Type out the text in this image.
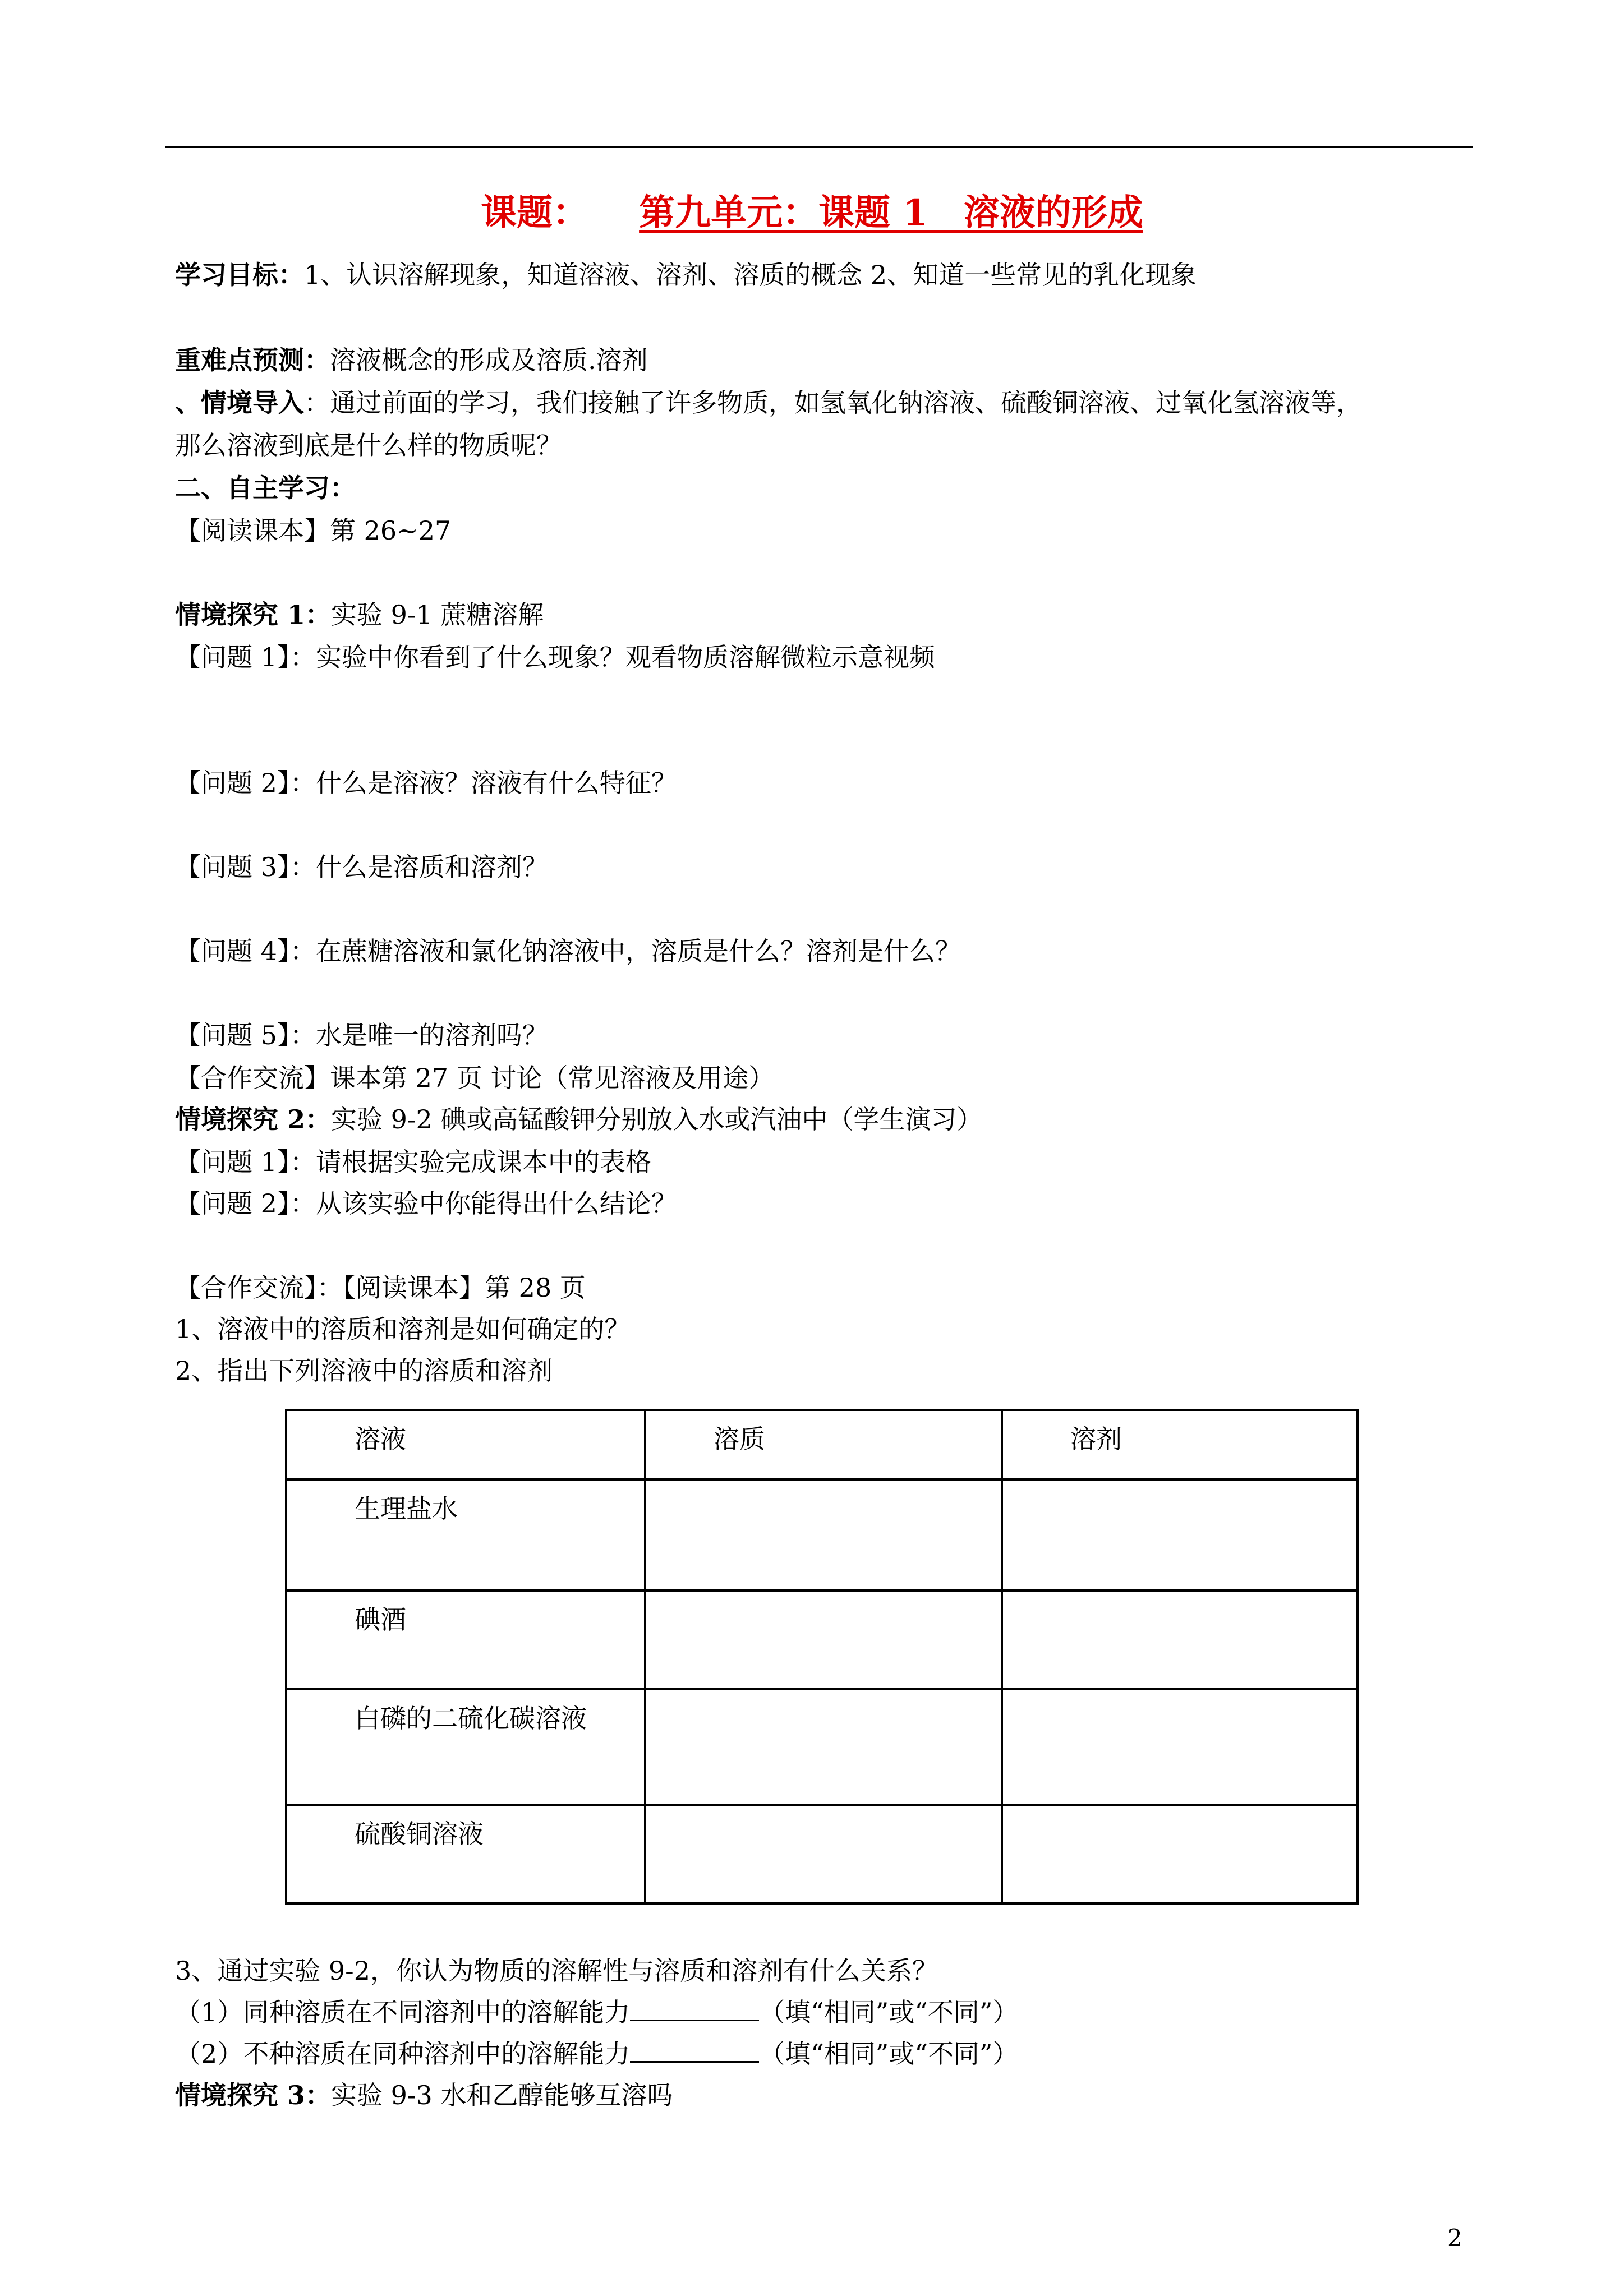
课题： 第九单元：课题 1　溶液的形成
学习目标：1、认识溶解现象，知道溶液、溶剂、溶质的概念 2、知道一些常见的乳化现象
重难点预测：溶液概念的形成及溶质.溶剂
、情境导入：通过前面的学习，我们接触了许多物质，如氢氧化钠溶液、硫酸铜溶液、过氧化氢溶液等，
那么溶液到底是什么样的物质呢？
二、自主学习：
【阅读课本】第 26~27
情境探究 1：实验 9-1 蔗糖溶解
【问题 1】：实验中你看到了什么现象？观看物质溶解微粒示意视频
【问题 2】：什么是溶液？溶液有什么特征？
【问题 3】：什么是溶质和溶剂？
【问题 4】：在蔗糖溶液和氯化钠溶液中，溶质是什么？溶剂是什么？
【问题 5】：水是唯一的溶剂吗？
【合作交流】课本第 27 页 讨论（常见溶液及用途）
情境探究 2：实验 9-2 碘或高锰酸钾分别放入水或汽油中（学生演习）
【问题 1】：请根据实验完成课本中的表格
【问题 2】：从该实验中你能得出什么结论？
【合作交流】：【阅读课本】第 28 页
1、溶液中的溶质和溶剂是如何确定的？
2、指出下列溶液中的溶质和溶剂
溶液	溶质	溶剂
生理盐水		
碘酒		
白磷的二硫化碳溶液		
硫酸铜溶液		
3、通过实验 9-2，你认为物质的溶解性与溶质和溶剂有什么关系？
（1）同种溶质在不同溶剂中的溶解能力	（填“相同”或“不同”）
（2）不种溶质在同种溶剂中的溶解能力	（填“相同”或“不同”）
情境探究 3：实验 9-3 水和乙醇能够互溶吗
2
